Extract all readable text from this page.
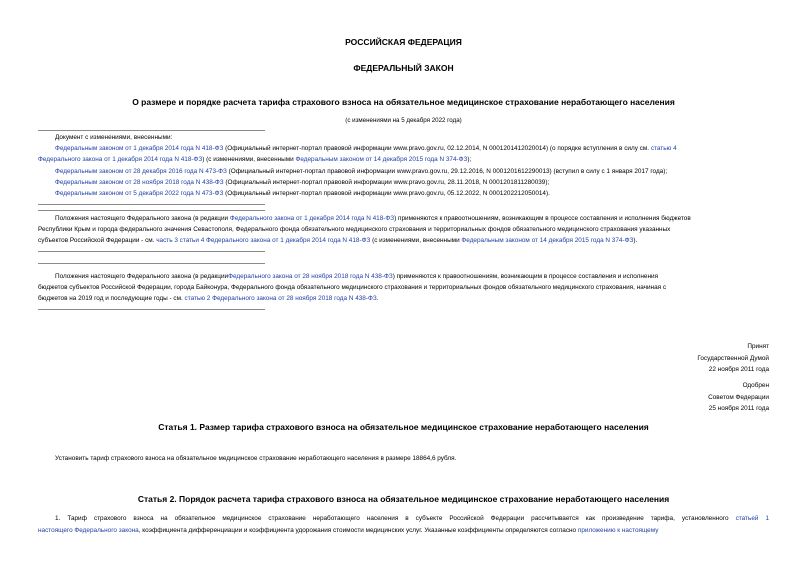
РОССИЙСКАЯ ФЕДЕРАЦИЯ
ФЕДЕРАЛЬНЫЙ ЗАКОН
О размере и порядке расчета тарифа страхового взноса на обязательное медицинское страхование неработающего населения
(с изменениями на 5 декабря 2022 года)
Документ с изменениями, внесенными:
Федеральным законом от 1 декабря 2014 года N 418-ФЗ (Официальный интернет-портал правовой информации www.pravo.gov.ru, 02.12.2014, N 0001201412020014) (о порядке вступления в силу см. статью 4
Федерального закона от 1 декабря 2014 года N 418-ФЗ) (с изменениями, внесенными Федеральным законом от 14 декабря 2015 года N 374-ФЗ);
Федеральным законом от 28 декабря 2016 года N 473-ФЗ (Официальный интернет-портал правовой информации www.pravo.gov.ru, 29.12.2016, N 0001201612290013) (вступил в силу с 1 января 2017 года);
Федеральным законом от 28 ноября 2018 года N 438-ФЗ (Официальный интернет-портал правовой информации www.pravo.gov.ru, 28.11.2018, N 0001201811280039);
Федеральным законом от 5 декабря 2022 года N 473-ФЗ (Официальный интернет-портал правовой информации www.pravo.gov.ru, 05.12.2022, N 0001202212050014).
Положения настоящего Федерального закона (в редакции Федерального закона от 1 декабря 2014 года N 418-ФЗ) применяются к правоотношениям, возникающим в процессе составления и исполнения бюджетов
Республики Крым и города федерального значения Севастополя, Федерального фонда обязательного медицинского страхования и территориальных фондов обязательного медицинского страхования указанных
субъектов Российской Федерации - см. часть 3 статьи 4 Федерального закона от 1 декабря 2014 года N 418-ФЗ (с изменениями, внесенными Федеральным законом от 14 декабря 2015 года N 374-ФЗ).
Положения настоящего Федерального закона (в редакцииФедерального закона от 28 ноября 2018 года N 438-ФЗ) применяются к правоотношениям, возникающим в процессе составления и исполнения
бюджетов субъектов Российской Федерации, города Байконура, Федерального фонда обязательного медицинского страхования и территориальных фондов обязательного медицинского страхования, начиная с
бюджетов на 2019 год и последующие годы - см. статью 2 Федерального закона от 28 ноября 2018 года N 438-ФЗ.
Принят
Государственной Думой
22 ноября 2011 года
Одобрен
Советом Федерации
25 ноября 2011 года
Статья 1. Размер тарифа страхового взноса на обязательное медицинское страхование неработающего населения
Установить тариф страхового взноса на обязательное медицинское страхование неработающего населения в размере 18864,6 рубля.
Статья 2. Порядок расчета тарифа страхового взноса на обязательное медицинское страхование неработающего населения
1. Тариф страхового взноса на обязательное медицинское страхование неработающего населения в субъекте Российской Федерации рассчитывается как произведение тарифа, установленного статьей 1
настоящего Федерального закона, коэффициента дифференциации и коэффициента удорожания стоимости медицинских услуг. Указанные коэффициенты определяются согласно приложению к настоящему
